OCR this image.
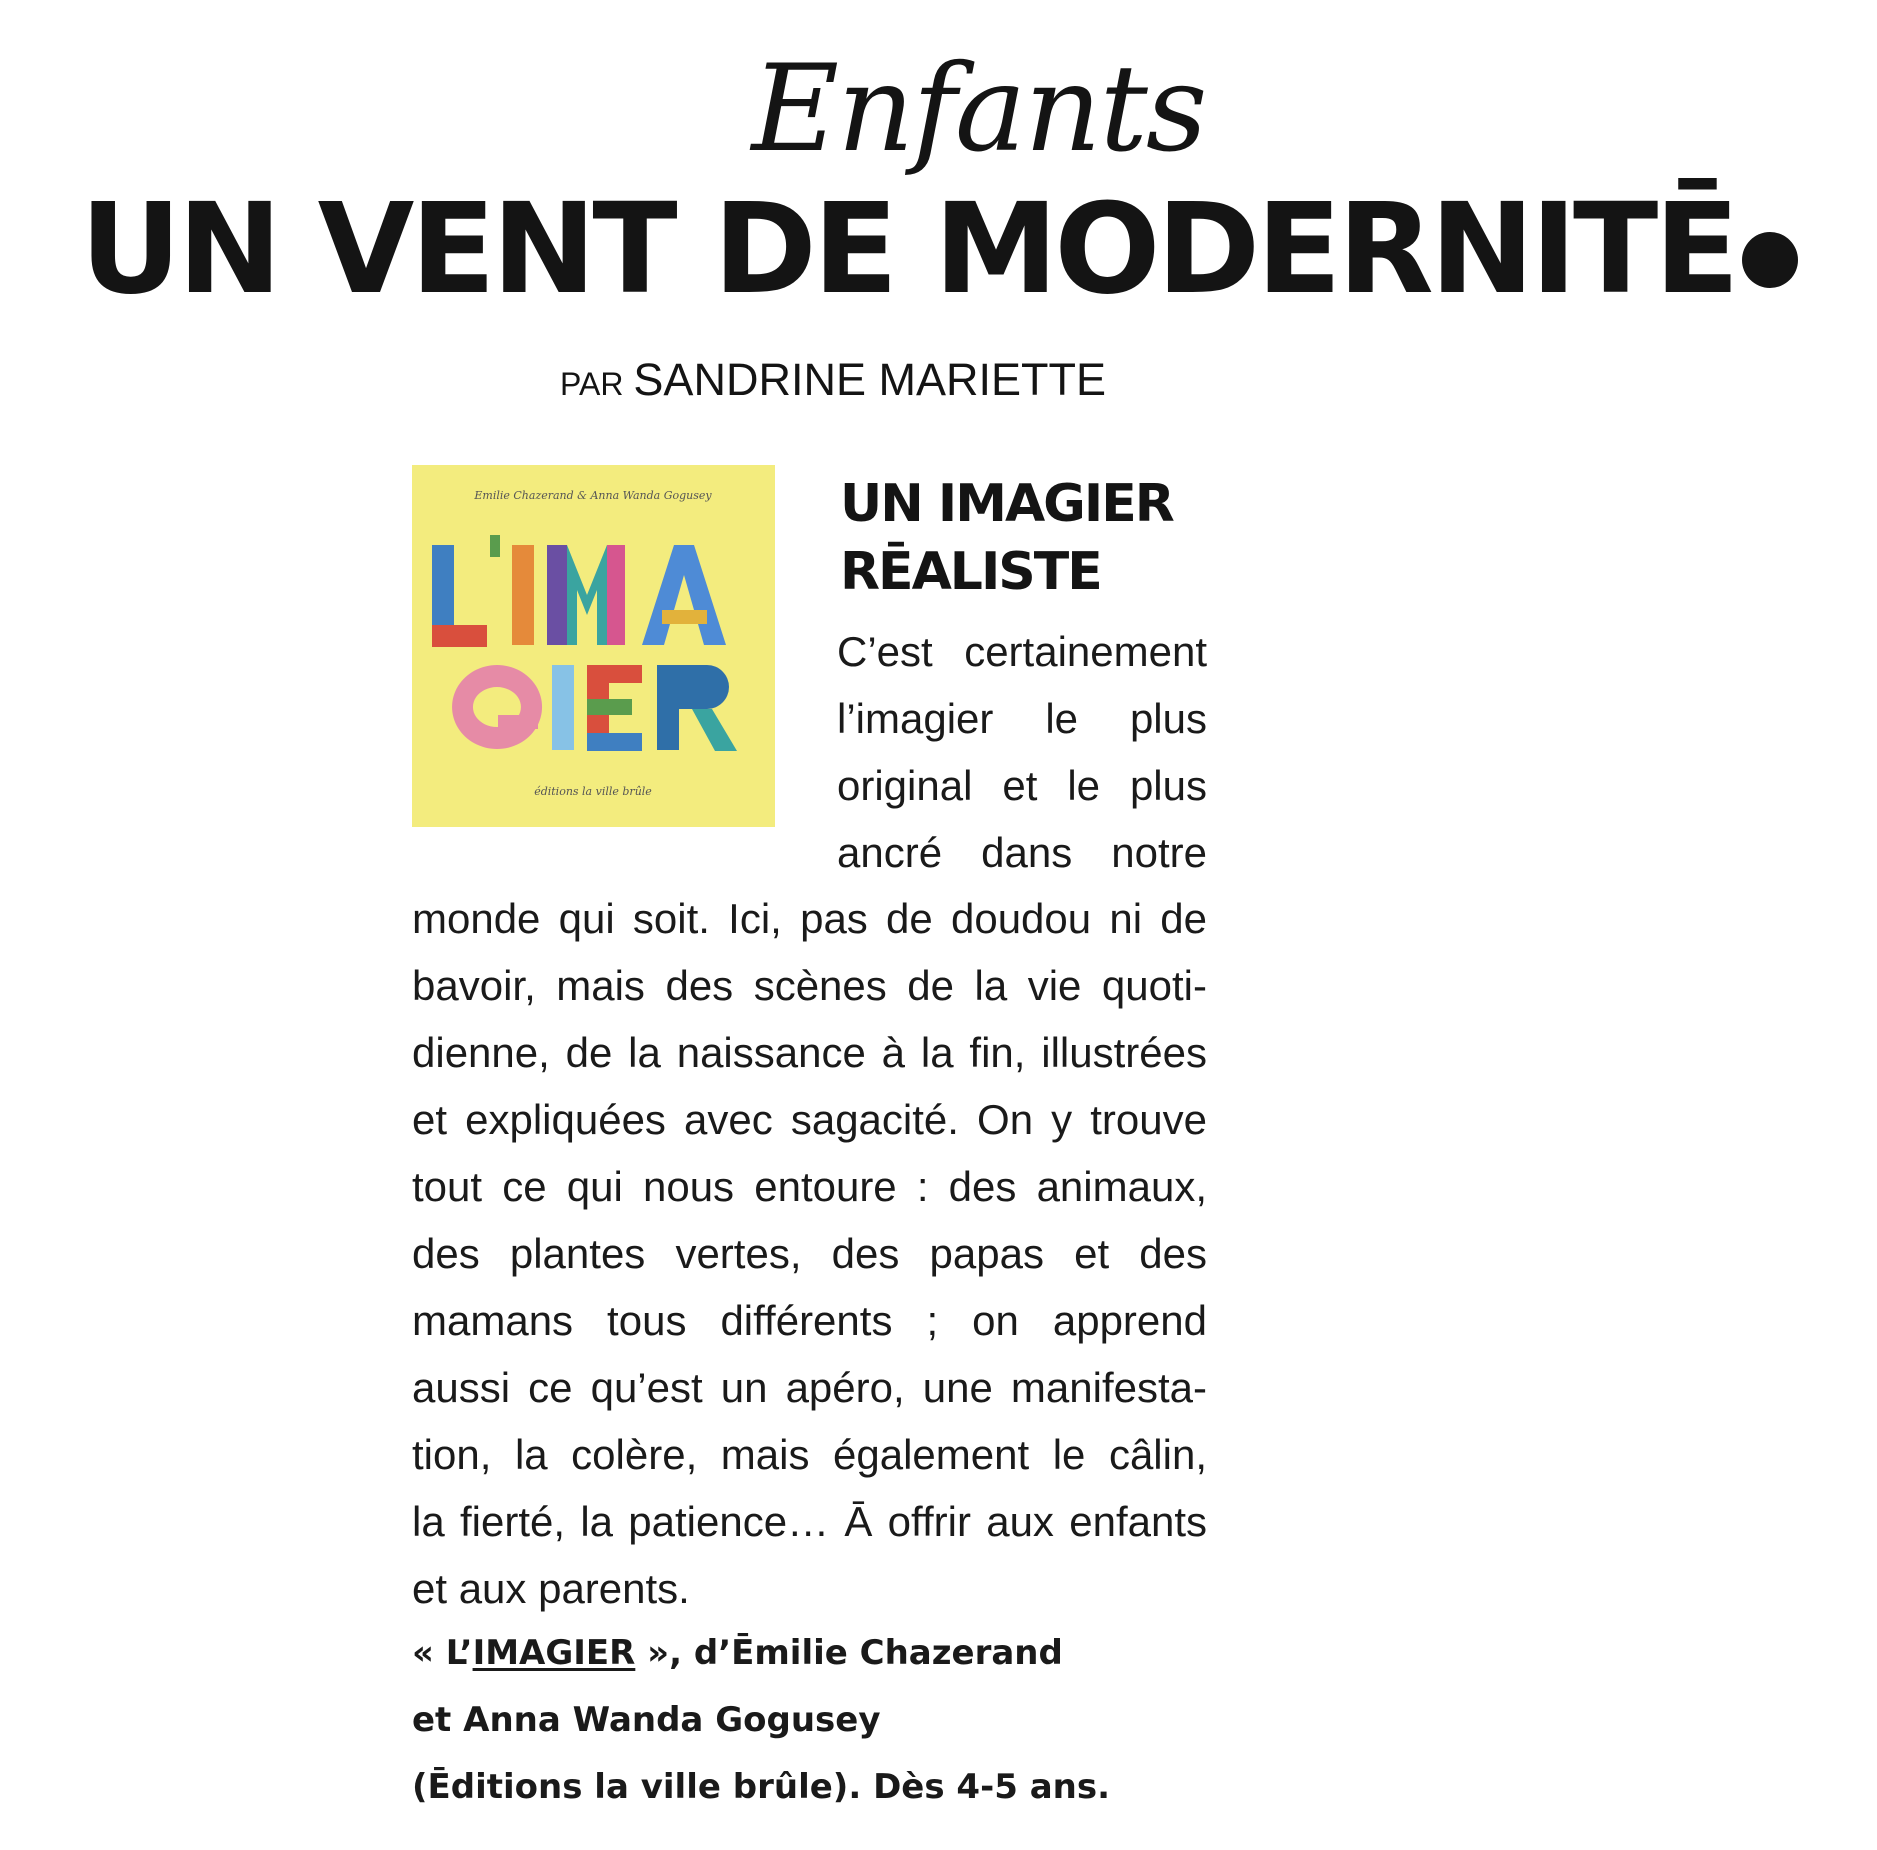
Enfants
UN VENT DE MODERNITĒ
PAR SANDRINE MARIETTE
Emilie Chazerand & Anna Wanda Gogusey
éditions la ville brûle
UN IMAGIER
RĒALISTE
C’est certainement
l’imagier le plus
original et le plus
ancré dans notre
monde qui soit. Ici, pas de doudou ni de
bavoir, mais des scènes de la vie quoti-
dienne, de la naissance à la fin, illustrées
et expliquées avec sagacité. On y trouve
tout ce qui nous entoure : des animaux,
des plantes vertes, des papas et des
mamans tous différents ; on apprend
aussi ce qu’est un apéro, une manifesta-
tion, la colère, mais également le câlin,
la fierté, la patience… Ā offrir aux enfants
et aux parents.
« L’IMAGIER », d’Ēmilie Chazerand
et Anna Wanda Gogusey
(Ēditions la ville brûle). Dès 4-5 ans.
